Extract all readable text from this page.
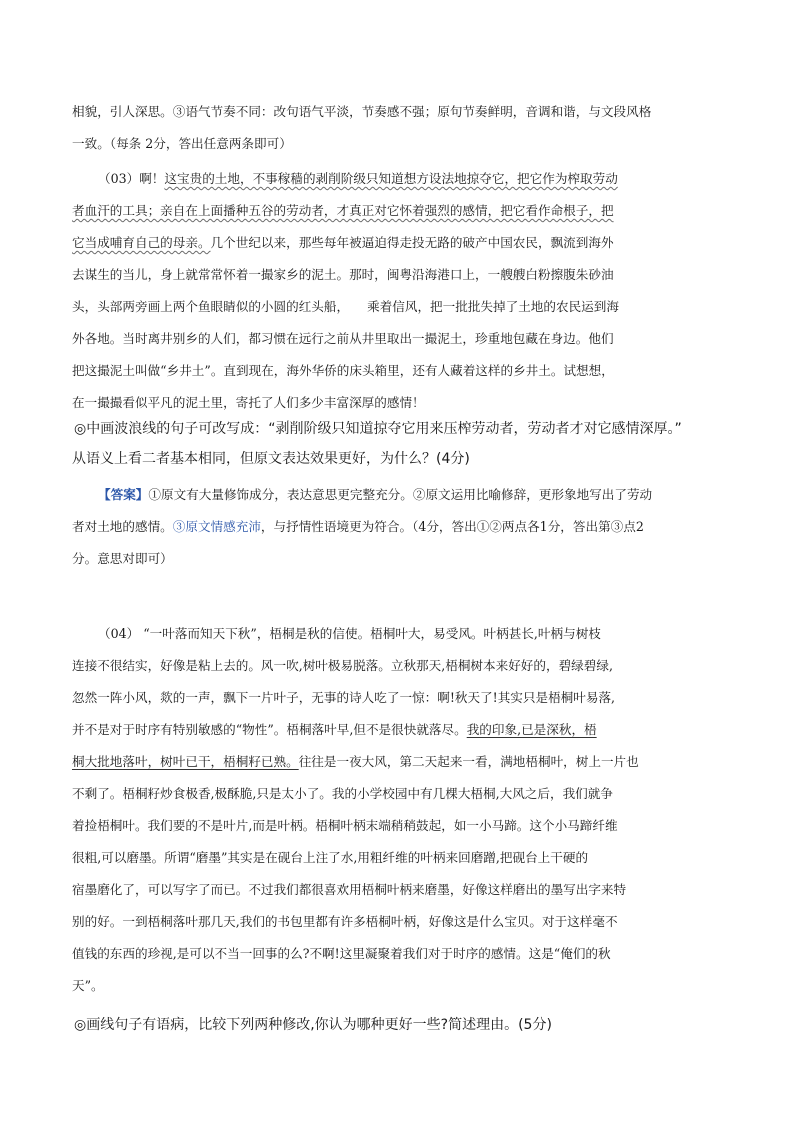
相貌，引人深思。③语气节奏不同：改句语气平淡，节奏感不强；原句节奏鲜明，音调和谐，与文段风格
一致。（每条 2分，答出任意两条即可）
（03）啊！这宝贵的土地，不事稼穑的剥削阶级只知道想方设法地掠夺它，把它作为榨取劳动
者血汗的工具；亲自在上面播种五谷的劳动者，才真正对它怀着强烈的感情，把它看作命根子，把
它当成哺育自己的母亲。几个世纪以来，那些每年被逼迫得走投无路的破产中国农民，飘流到海外
去谋生的当儿，身上就常常怀着一撮家乡的泥土。那时，闽粤沿海港口上，一艘艘白粉擦腹朱砂油
头，头部两旁画上两个鱼眼睛似的小圆的红头船， 乘着信风，把一批批失掉了土地的农民运到海
外各地。当时离井别乡的人们，都习惯在远行之前从井里取出一撮泥土，珍重地包藏在身边。他们
把这撮泥土叫做“乡井土”。直到现在，海外华侨的床头箱里，还有人藏着这样的乡井土。试想想，
在一撮撮看似平凡的泥土里，寄托了人们多少丰富深厚的感情！
◎中画波浪线的句子可改写成：“剥削阶级只知道掠夺它用来压榨劳动者，劳动者才对它感情深厚。”
从语义上看二者基本相同，但原文表达效果更好，为什么？(4分)
【答案】①原文有大量修饰成分，表达意思更完整充分。②原文运用比喻修辞，更形象地写出了劳动
者对土地的感情。③原文情感充沛，与抒情性语境更为符合。（4分，答出①②两点各1分，答出第③点2
分。意思对即可）
（04） “一叶落而知天下秋”，梧桐是秋的信使。梧桐叶大，易受风。叶柄甚长,叶柄与树枝
连接不很结实，好像是粘上去的。风一吹,树叶极易脱落。立秋那天,梧桐树本来好好的，碧绿碧绿,
忽然一阵小风，欻的一声，飘下一片叶子，无事的诗人吃了一惊：啊!秋天了!其实只是梧桐叶易落,
并不是对于时序有特别敏感的“物性”。梧桐落叶早,但不是很快就落尽。我的印象,已是深秋，梧
桐大批地落叶，树叶已干，梧桐籽已熟。往往是一夜大风，第二天起来一看，满地梧桐叶，树上一片也
不剩了。梧桐籽炒食极香,极酥脆,只是太小了。我的小学校园中有几棵大梧桐,大风之后，我们就争
着捡梧桐叶。我们要的不是叶片,而是叶柄。梧桐叶柄末端稍稍鼓起，如一小马蹄。这个小马蹄纤维
很粗,可以磨墨。所谓“磨墨”其实是在砚台上注了水,用粗纤维的叶柄来回磨蹭,把砚台上干硬的
宿墨磨化了，可以写字了而已。不过我们都很喜欢用梧桐叶柄来磨墨，好像这样磨出的墨写出字来特
别的好。一到梧桐落叶那几天,我们的书包里都有许多梧桐叶柄，好像这是什么宝贝。对于这样毫不
值钱的东西的珍视,是可以不当一回事的么?不啊!这里凝聚着我们对于时序的感情。这是“俺们的秋
天”。
◎画线句子有语病，比较下列两种修改,你认为哪种更好一些?简述理由。(5分)
